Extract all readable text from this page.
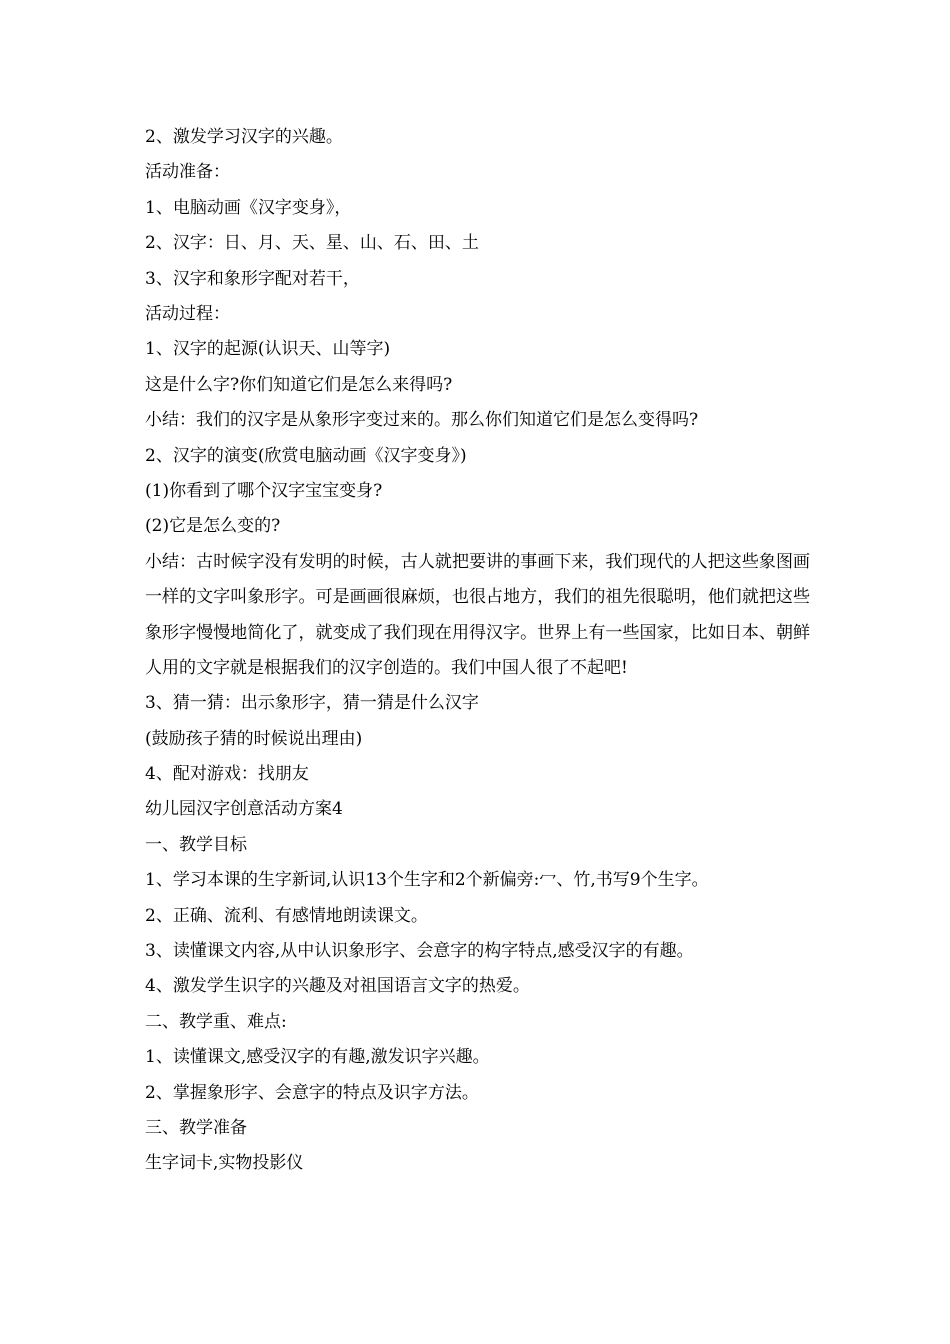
2、激发学习汉字的兴趣。
活动准备：
1、电脑动画《汉字变身》，
2、汉字：日、月、天、星、山、石、田、土
3、汉字和象形字配对若干，
活动过程：
1、汉字的起源(认识天、山等字)
这是什么字?你们知道它们是怎么来得吗?
小结：我们的汉字是从象形字变过来的。那么你们知道它们是怎么变得吗?
2、汉字的演变(欣赏电脑动画《汉字变身》)
(1)你看到了哪个汉字宝宝变身?
(2)它是怎么变的?
小结：古时候字没有发明的时候，古人就把要讲的事画下来，我们现代的人把这些象图画一样的文字叫象形字。可是画画很麻烦，也很占地方，我们的祖先很聪明，他们就把这些象形字慢慢地简化了，就变成了我们现在用得汉字。世界上有一些国家，比如日本、朝鲜人用的文字就是根据我们的汉字创造的。我们中国人很了不起吧!
3、猜一猜：出示象形字，猜一猜是什么汉字
(鼓励孩子猜的时候说出理由)
4、配对游戏：找朋友
幼儿园汉字创意活动方案4
一、教学目标
1、学习本课的生字新词,认识13个生字和2个新偏旁:冖、竹,书写9个生字。
2、正确、流利、有感情地朗读课文。
3、读懂课文内容,从中认识象形字、会意字的构字特点,感受汉字的有趣。
4、激发学生识字的兴趣及对祖国语言文字的热爱。
二、教学重、难点:
1、读懂课文,感受汉字的有趣,激发识字兴趣。
2、掌握象形字、会意字的特点及识字方法。
三、教学准备
生字词卡,实物投影仪
